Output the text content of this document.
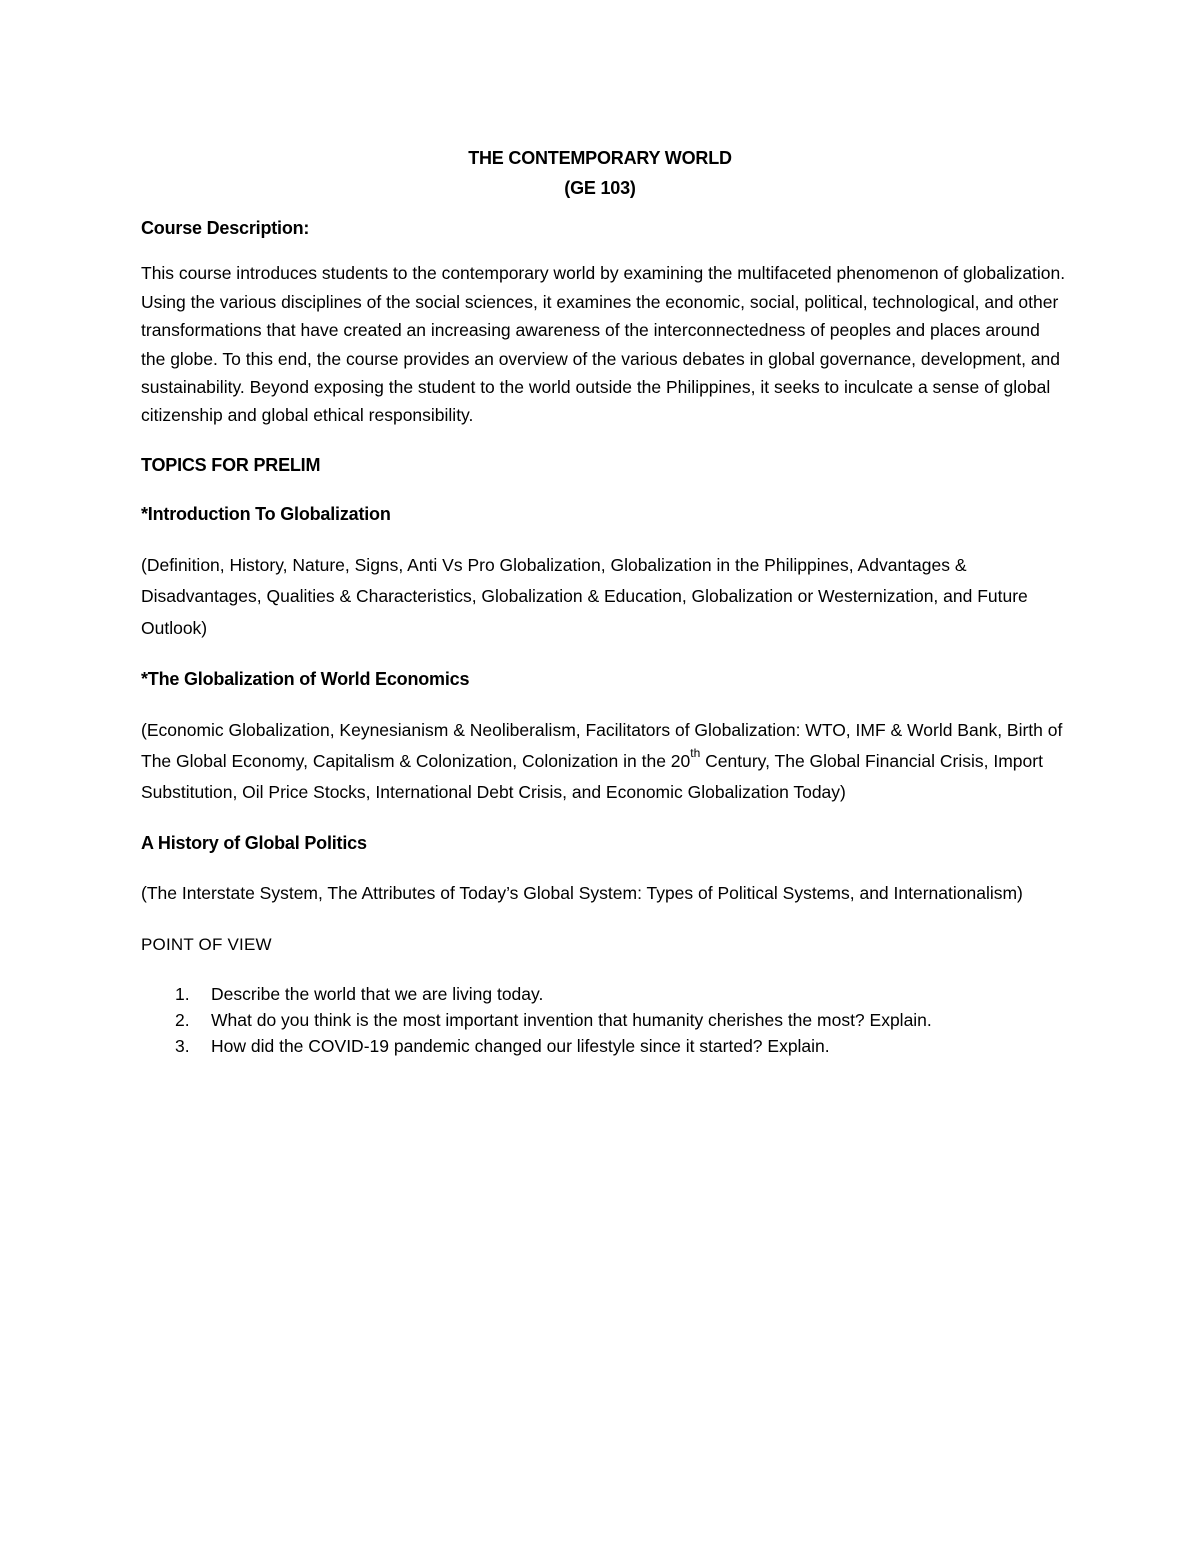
THE CONTEMPORARY WORLD
(GE 103)

Course Description:

This course introduces students to the contemporary world by examining the multifaceted phenomenon of globalization. Using the various disciplines of the social sciences, it examines the economic, social, political, technological, and other transformations that have created an increasing awareness of the interconnectedness of peoples and places around the globe. To this end, the course provides an overview of the various debates in global governance, development, and sustainability. Beyond exposing the student to the world outside the Philippines, it seeks to inculcate a sense of global citizenship and global ethical responsibility.

TOPICS FOR PRELIM

*Introduction To Globalization

(Definition, History, Nature, Signs, Anti Vs Pro Globalization, Globalization in the Philippines, Advantages & Disadvantages, Qualities & Characteristics, Globalization & Education, Globalization or Westernization, and Future Outlook)

*The Globalization of World Economics

(Economic Globalization, Keynesianism & Neoliberalism, Facilitators of Globalization: WTO, IMF & World Bank, Birth of The Global Economy, Capitalism & Colonization, Colonization in the 20th Century, The Global Financial Crisis, Import Substitution, Oil Price Stocks, International Debt Crisis, and Economic Globalization Today)

A History of Global Politics

(The Interstate System, The Attributes of Today’s Global System: Types of Political Systems, and Internationalism)

POINT OF VIEW

1.	Describe the world that we are living today.
2.	What do you think is the most important invention that humanity cherishes the most? Explain.
3.	How did the COVID-19 pandemic changed our lifestyle since it started? Explain.
